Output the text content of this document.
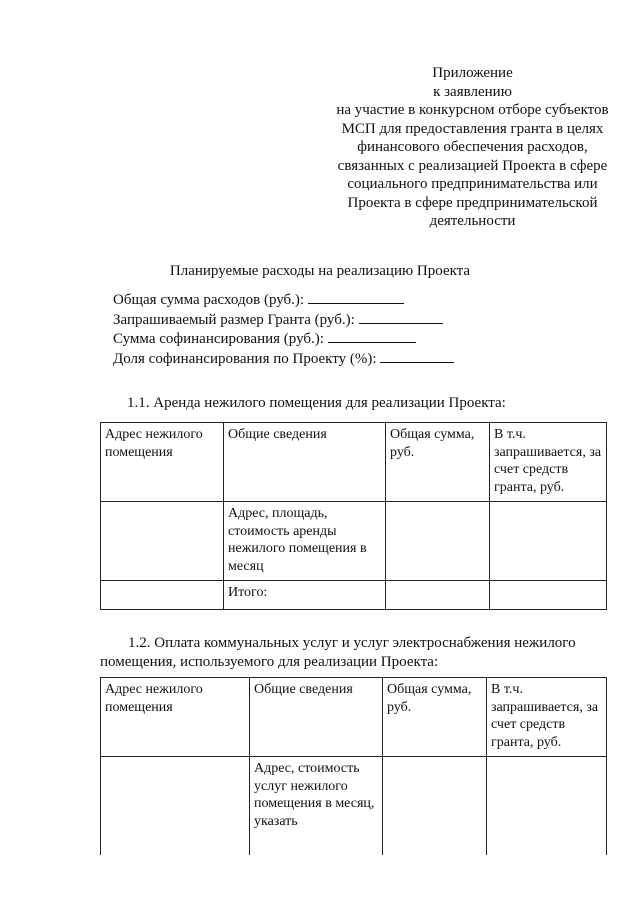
Приложение
к заявлению
на участие в конкурсном отборе субъектов
МСП для предоставления гранта в целях
финансового обеспечения расходов,
связанных с реализацией Проекта в сфере
социального предпринимательства или
Проекта в сфере предпринимательской
деятельности
Планируемые расходы на реализацию Проекта
Общая сумма расходов (руб.):
Запрашиваемый размер Гранта (руб.):
Сумма софинансирования (руб.):
Доля софинансирования по Проекту (%):
1.1. Аренда нежилого помещения для реализации Проекта:
Адрес нежилого помещения	Общие сведения	Общая сумма, руб.	В т.ч. запрашивается, за счет средств гранта, руб.
	Адрес, площадь, стоимость аренды нежилого помещения в месяц		
	Итого:		
1.2. Оплата коммунальных услуг и услуг электроснабжения нежилого
помещения, используемого для реализации Проекта:
Адрес нежилого помещения	Общие сведения	Общая сумма, руб.	В т.ч. запрашивается, за счет средств гранта, руб.
	Адрес, стоимость услуг нежилого помещения в месяц, указать		
